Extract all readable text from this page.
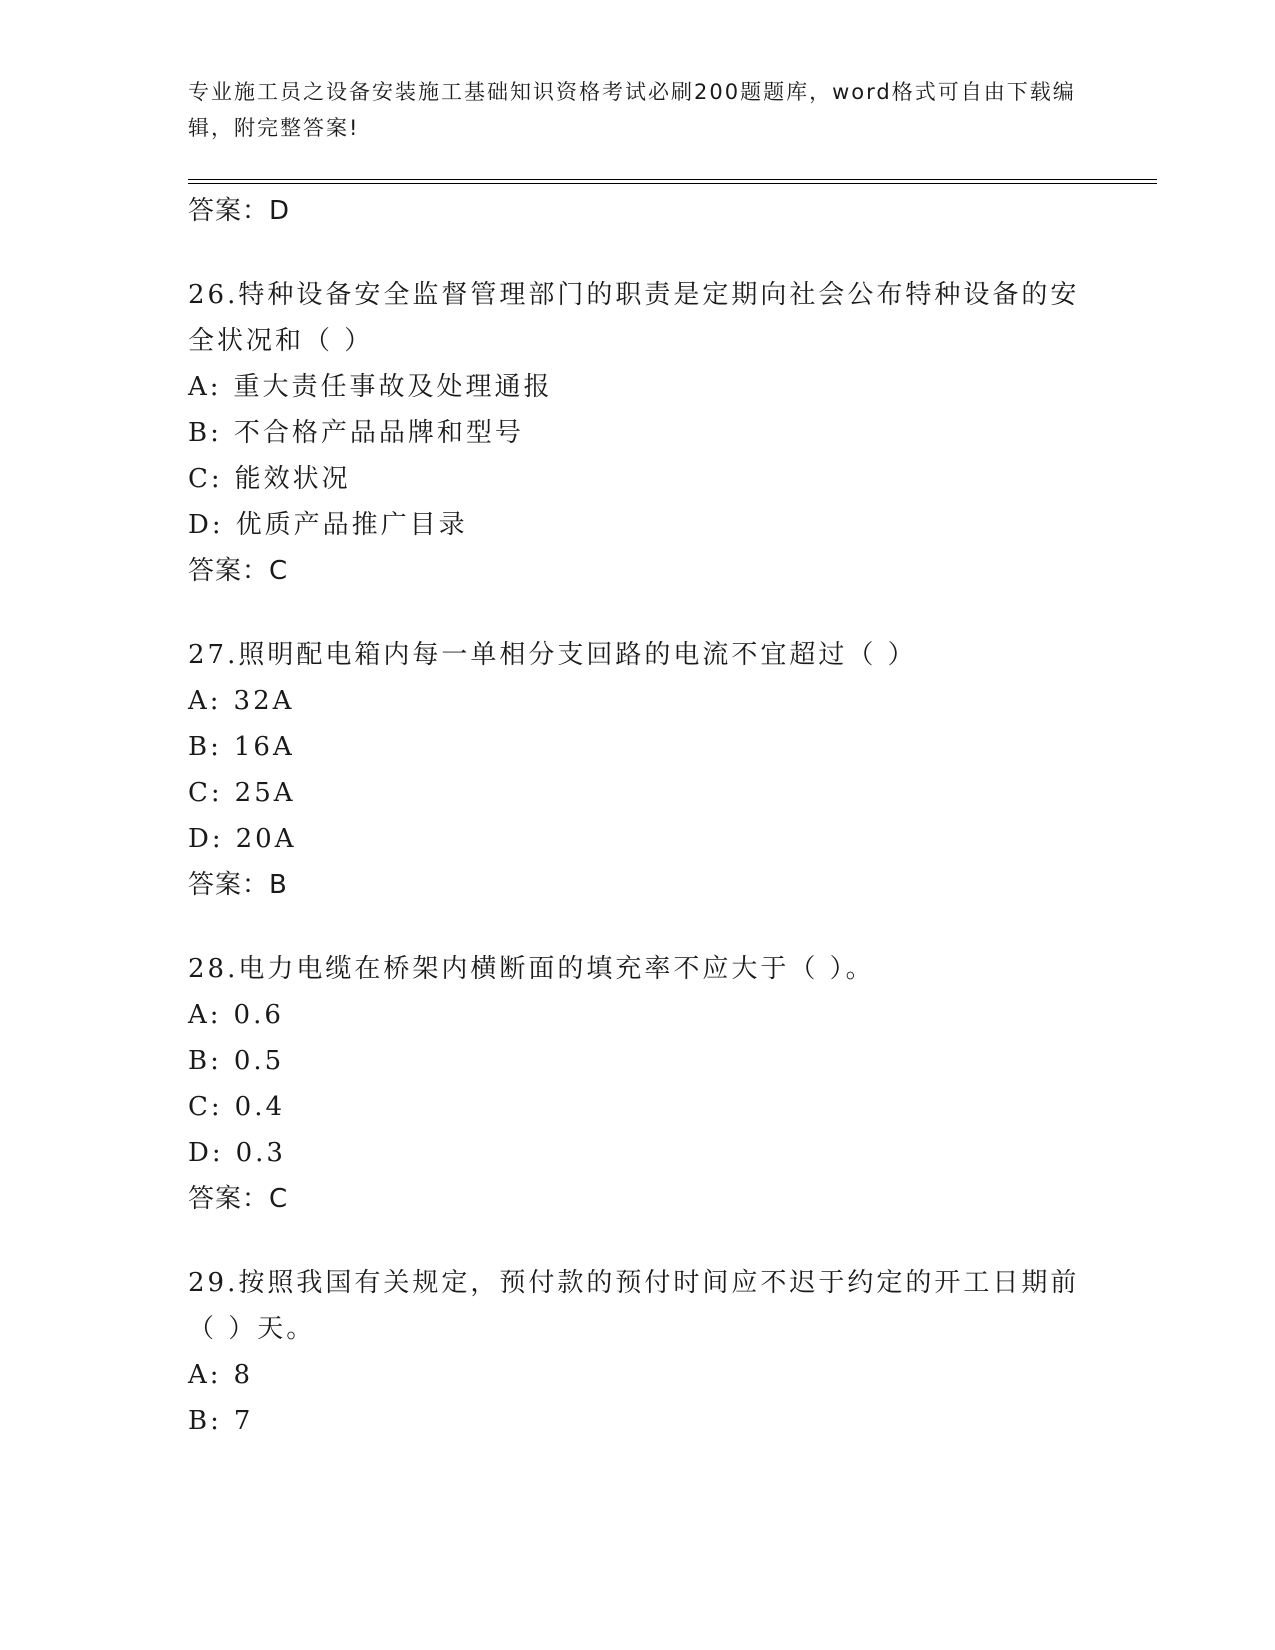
专业施工员之设备安装施工基础知识资格考试必刷200题题库，word格式可自由下载编辑，附完整答案!
答案：D
26.特种设备安全监督管理部门的职责是定期向社会公布特种设备的安全状况和（ ）
A: 重大责任事故及处理通报
B: 不合格产品品牌和型号
C: 能效状况
D: 优质产品推广目录
答案：C
27.照明配电箱内每一单相分支回路的电流不宜超过（ ）
A: 32A
B: 16A
C: 25A
D: 20A
答案：B
28.电力电缆在桥架内横断面的填充率不应大于（ ）。
A: 0.6
B: 0.5
C: 0.4
D: 0.3
答案：C
29.按照我国有关规定，预付款的预付时间应不迟于约定的开工日期前（ ）天。
A: 8
B: 7
